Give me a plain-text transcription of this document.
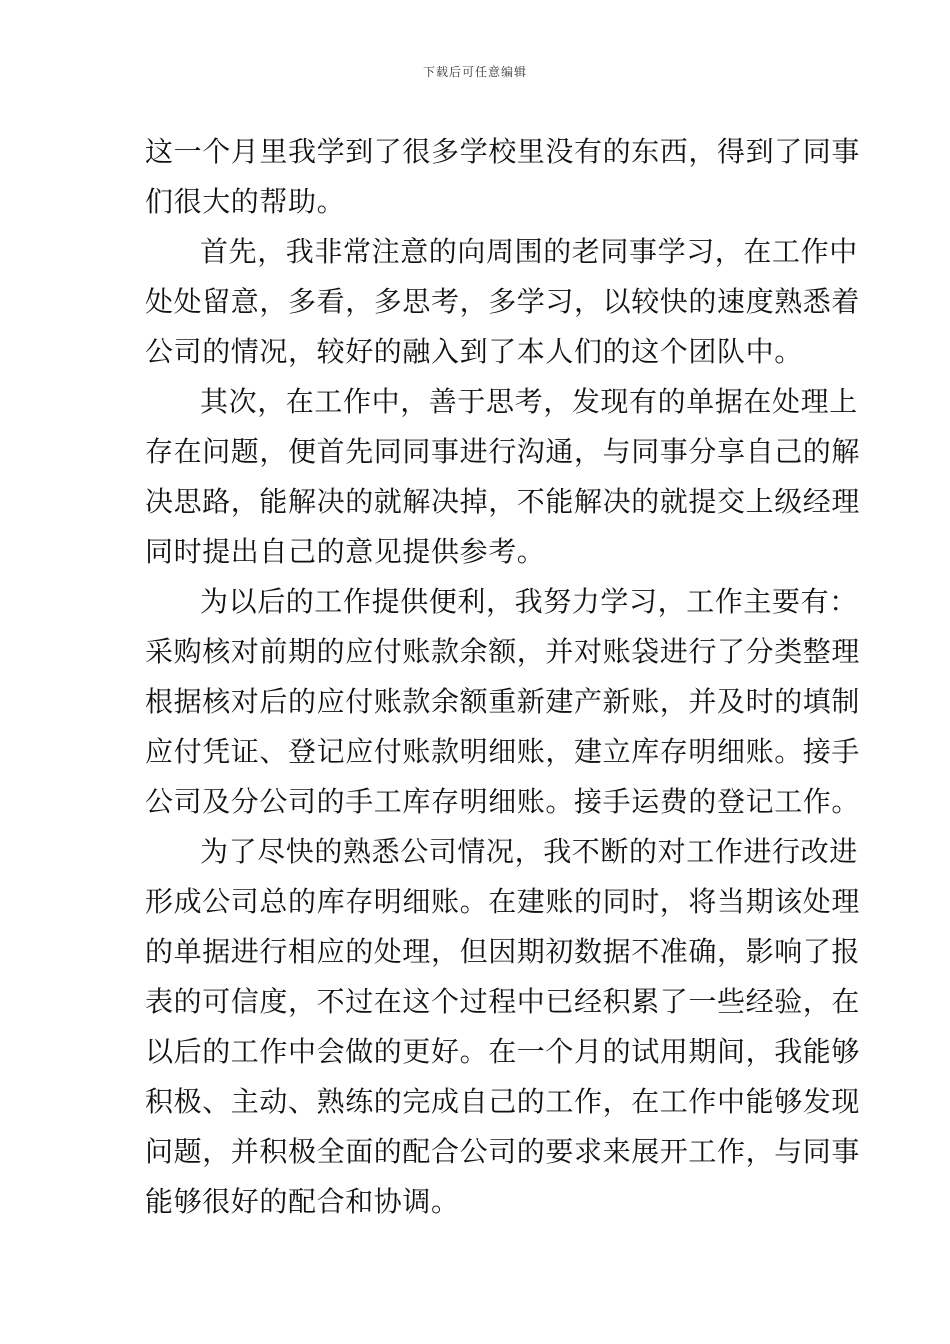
下载后可任意编辑
这一个月里我学到了很多学校里没有的东西，得到了同事
们很大的帮助。
首先，我非常注意的向周围的老同事学习，在工作中
处处留意，多看，多思考，多学习，以较快的速度熟悉着
公司的情况，较好的融入到了本人们的这个团队中。
其次，在工作中，善于思考，发现有的单据在处理上
存在问题，便首先同同事进行沟通，与同事分享自己的解
决思路，能解决的就解决掉，不能解决的就提交上级经理
同时提出自己的意见提供参考。
为以后的工作提供便利，我努力学习，工作主要有：
采购核对前期的应付账款余额，并对账袋进行了分类整理
根据核对后的应付账款余额重新建产新账，并及时的填制
应付凭证、登记应付账款明细账，建立库存明细账。接手
公司及分公司的手工库存明细账。接手运费的登记工作。
为了尽快的熟悉公司情况，我不断的对工作进行改进
形成公司总的库存明细账。在建账的同时，将当期该处理
的单据进行相应的处理，但因期初数据不准确，影响了报
表的可信度，不过在这个过程中已经积累了一些经验，在
以后的工作中会做的更好。在一个月的试用期间，我能够
积极、主动、熟练的完成自己的工作，在工作中能够发现
问题，并积极全面的配合公司的要求来展开工作，与同事
能够很好的配合和协调。
